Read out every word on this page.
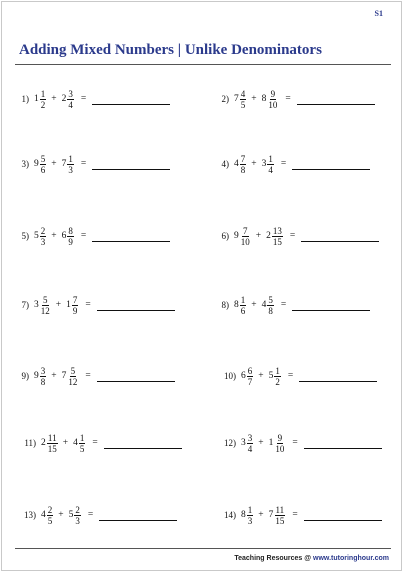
S1
Adding Mixed Numbers | Unlike Denominators
1) $1 \frac{1}{2} + 2 \frac{3}{4}$ =	2) $7 \frac{4}{5} + 8 \frac{9}{10}$ =
3) $9 \frac{5}{6} + 7 \frac{1}{3}$ =	4) $4 \frac{7}{8} + 3 \frac{1}{4}$ =
5) $5 \frac{2}{3} + 6 \frac{8}{9}$ =	6) $9 \frac{7}{10} + 2 \frac{13}{15}$ =
7) $3 \frac{5}{12} + 1 \frac{7}{9}$ =	8) $8 \frac{1}{6} + 4 \frac{5}{8}$ =
9) $9 \frac{3}{8} + 7 \frac{5}{12}$ =	10) $6 \frac{6}{7} + 5 \frac{1}{2}$ =
11) $2 \frac{11}{15} + 4 \frac{1}{5}$ =	12) $3 \frac{3}{4} + 1 \frac{9}{10}$ =
13) $4 \frac{2}{5} + 5 \frac{2}{3}$ =	14) $8 \frac{1}{3} + 7 \frac{11}{15}$ =
Teaching Resources @ www.tutoringhour.com
